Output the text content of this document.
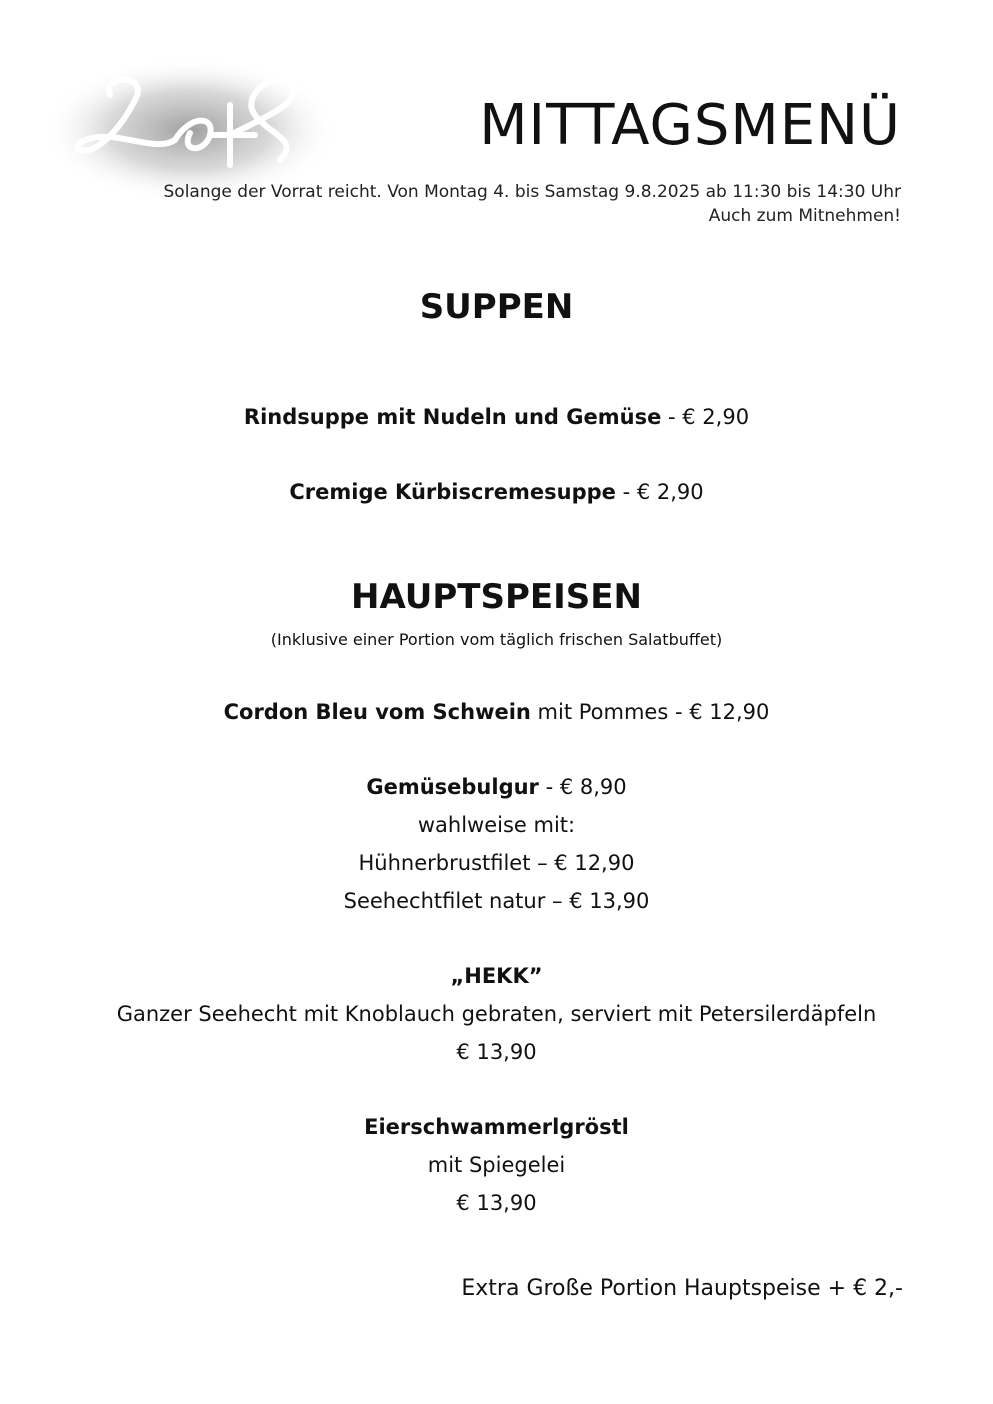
MITTAGSMENÜ
Solange der Vorrat reicht. Von Montag 4. bis Samstag 9.8.2025 ab 11:30 bis 14:30 Uhr
Auch zum Mitnehmen!
SUPPEN
Rindsuppe mit Nudeln und Gemüse - € 2,90
Cremige Kürbiscremesuppe - € 2,90
HAUPTSPEISEN
(Inklusive einer Portion vom täglich frischen Salatbuffet)
Cordon Bleu vom Schwein mit Pommes - € 12,90
Gemüsebulgur - € 8,90
wahlweise mit:
Hühnerbrustfilet – € 12,90
Seehechtfilet natur – € 13,90
„HEKK”
Ganzer Seehecht mit Knoblauch gebraten, serviert mit Petersilerdäpfeln
€ 13,90
Eierschwammerlgröstl
mit Spiegelei
€ 13,90
Extra Große Portion Hauptspeise + € 2,-
